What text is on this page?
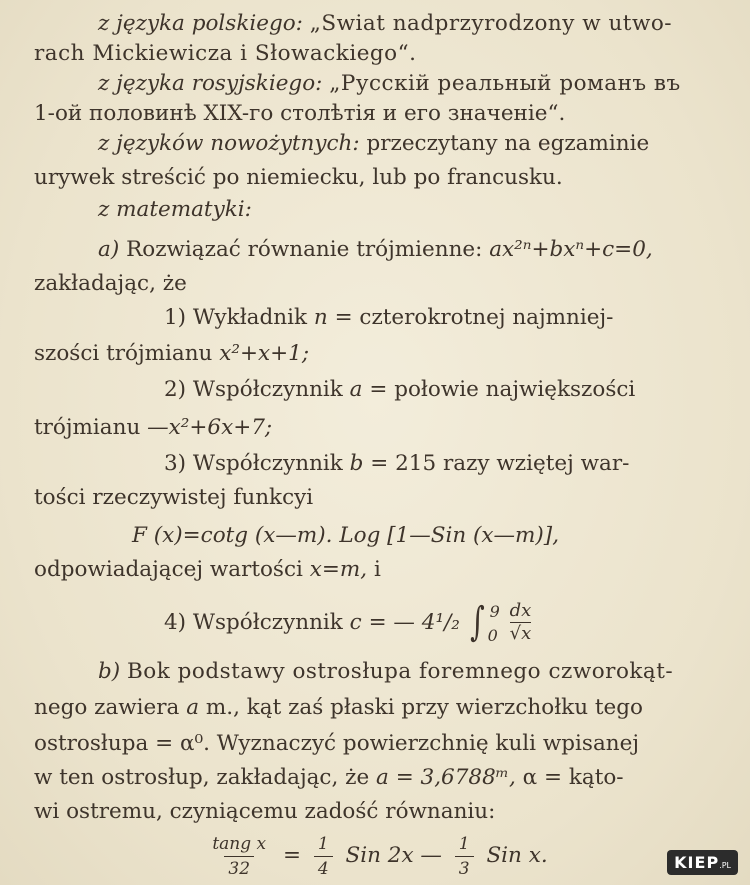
z języka polskiego: „Swiat nadprzyrodzony w utwo-
rach Mickiewicza i Słowackiego“.
z języka rosyjskiego: „Русскій реальный романъ въ
1-ой половинѣ XIX-го столѣтія и его значеніе“.
z języków nowożytnych: przeczytany na egzaminie
urywek streścić po niemiecku, lub po francusku.
z matematyki:
a) Rozwiązać równanie trójmienne: ax²ⁿ+bxⁿ+c=0,
zakładając, że
1) Wykładnik n = czterokrotnej najmniej-
szości trójmianu x²+x+1;
2) Współczynnik a = połowie największości
trójmianu —x²+6x+7;
3) Współczynnik b = 215 razy wziętej war-
tości rzeczywistej funkcyi
F (x)=cotg (x—m). Log [1—Sin (x—m)],
odpowiadającej wartości x=m, i
4) Współczynnik c = — 4¹/₂ ∫ 9
$0 \frac{dx}{√x}$
b) Bok podstawy ostrosłupa foremnego czworokąt-
nego zawiera a m., kąt zaś płaski przy wierzchołku tego
ostrosłupa = α⁰. Wyznaczyć powierzchnię kuli wpisanej
w ten ostrosłup, zakładając, że a = 3,6788ᵐ, α = kąto-
wi ostremu, czyniącemu zadość równaniu:
$\frac{\text{tang x}}{32} = \frac{1}{4}$ Sin 2x — $\frac{1}{3}$ Sin x.	KIEP.PL
